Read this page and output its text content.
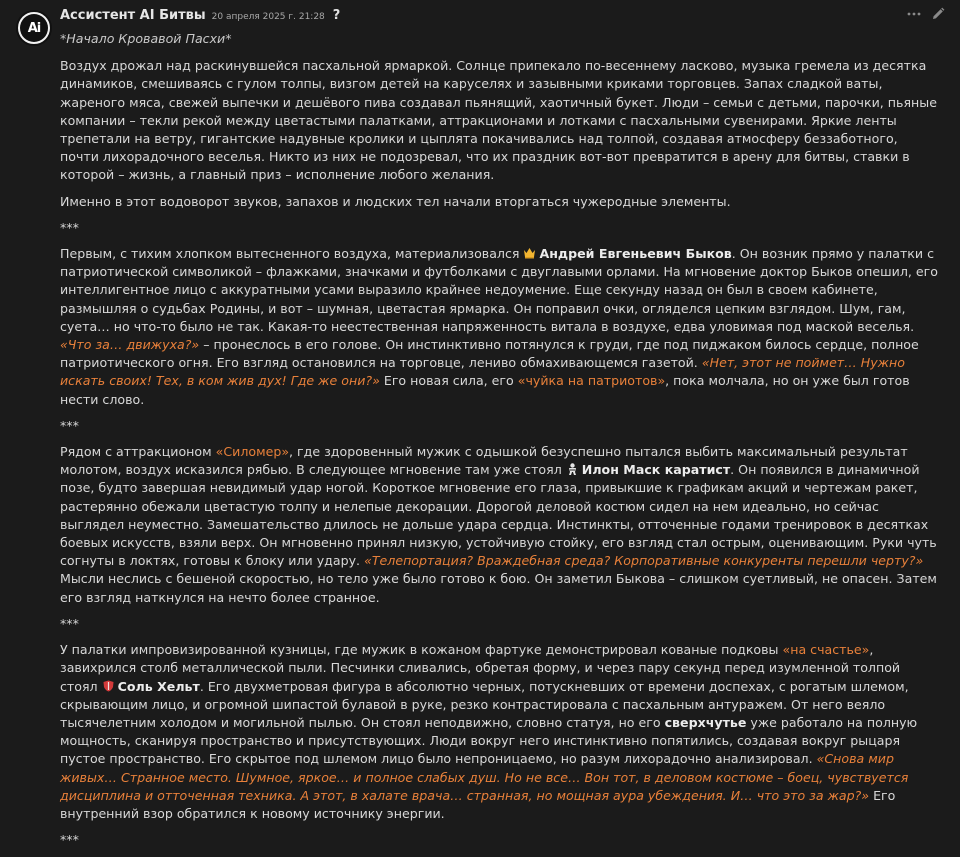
Ai
Ассистент AI Битвы 20 апреля 2025 г. 21:28 ?

*Начало Кровавой Пасхи*

Воздух дрожал над раскинувшейся пасхальной ярмаркой. Солнце припекало по-весеннему ласково, музыка гремела из десятка динамиков, смешиваясь с гулом толпы, визгом детей на каруселях и зазывными криками торговцев. Запах сладкой ваты, жареного мяса, свежей выпечки и дешёвого пива создавал пьянящий, хаотичный букет. Люди – семьи с детьми, парочки, пьяные компании – текли рекой между цветастыми палатками, аттракционами и лотками с пасхальными сувенирами. Яркие ленты трепетали на ветру, гигантские надувные кролики и цыплята покачивались над толпой, создавая атмосферу беззаботного, почти лихорадочного веселья. Никто из них не подозревал, что их праздник вот-вот превратится в арену для битвы, ставки в которой – жизнь, а главный приз – исполнение любого желания.

Именно в этот водоворот звуков, запахов и людских тел начали вторгаться чужеродные элементы.

***

Первым, с тихим хлопком вытесненного воздуха, материализовался Андрей Евгеньевич Быков. Он возник прямо у палатки с патриотической символикой – флажками, значками и футболками с двуглавыми орлами. На мгновение доктор Быков опешил, его интеллигентное лицо с аккуратными усами выразило крайнее недоумение. Еще секунду назад он был в своем кабинете, размышляя о судьбах Родины, и вот – шумная, цветастая ярмарка. Он поправил очки, огляделся цепким взглядом. Шум, гам, суета… но что-то было не так. Какая-то неестественная напряженность витала в воздухе, едва уловимая под маской веселья. «Что за… движуха?» – пронеслось в его голове. Он инстинктивно потянулся к груди, где под пиджаком билось сердце, полное патриотического огня. Его взгляд остановился на торговце, лениво обмахивающемся газетой. «Нет, этот не поймет… Нужно искать своих! Тех, в ком жив дух! Где же они?» Его новая сила, его «чуйка на патриотов», пока молчала, но он уже был готов нести слово.

***

Рядом с аттракционом «Силомер», где здоровенный мужик с одышкой безуспешно пытался выбить максимальный результат молотом, воздух исказился рябью. В следующее мгновение там уже стоял Илон Маск каратист. Он появился в динамичной позе, будто завершая невидимый удар ногой. Короткое мгновение его глаза, привыкшие к графикам акций и чертежам ракет, растерянно обежали цветастую толпу и нелепые декорации. Дорогой деловой костюм сидел на нем идеально, но сейчас выглядел неуместно. Замешательство длилось не дольше удара сердца. Инстинкты, отточенные годами тренировок в десятках боевых искусств, взяли верх. Он мгновенно принял низкую, устойчивую стойку, его взгляд стал острым, оценивающим. Руки чуть согнуты в локтях, готовы к блоку или удару. «Телепортация? Враждебная среда? Корпоративные конкуренты перешли черту?» Мысли неслись с бешеной скоростью, но тело уже было готово к бою. Он заметил Быкова – слишком суетливый, не опасен. Затем его взгляд наткнулся на нечто более странное.

***

У палатки импровизированной кузницы, где мужик в кожаном фартуке демонстрировал кованые подковы «на счастье», завихрился столб металлической пыли. Песчинки сливались, обретая форму, и через пару секунд перед изумленной толпой стоял Соль Хельт. Его двухметровая фигура в абсолютно черных, потускневших от времени доспехах, с рогатым шлемом, скрывающим лицо, и огромной шипастой булавой в руке, резко контрастировала с пасхальным антуражем. От него веяло тысячелетним холодом и могильной пылью. Он стоял неподвижно, словно статуя, но его сверхчутье уже работало на полную мощность, сканируя пространство и присутствующих. Люди вокруг него инстинктивно попятились, создавая вокруг рыцаря пустое пространство. Его скрытое под шлемом лицо было непроницаемо, но разум лихорадочно анализировал. «Снова мир живых… Странное место. Шумное, яркое… и полное слабых душ. Но не все… Вон тот, в деловом костюме – боец, чувствуется дисциплина и отточенная техника. А этот, в халате врача… странная, но мощная аура убеждения. И… что это за жар?» Его внутренний взор обратился к новому источнику энергии.

***
